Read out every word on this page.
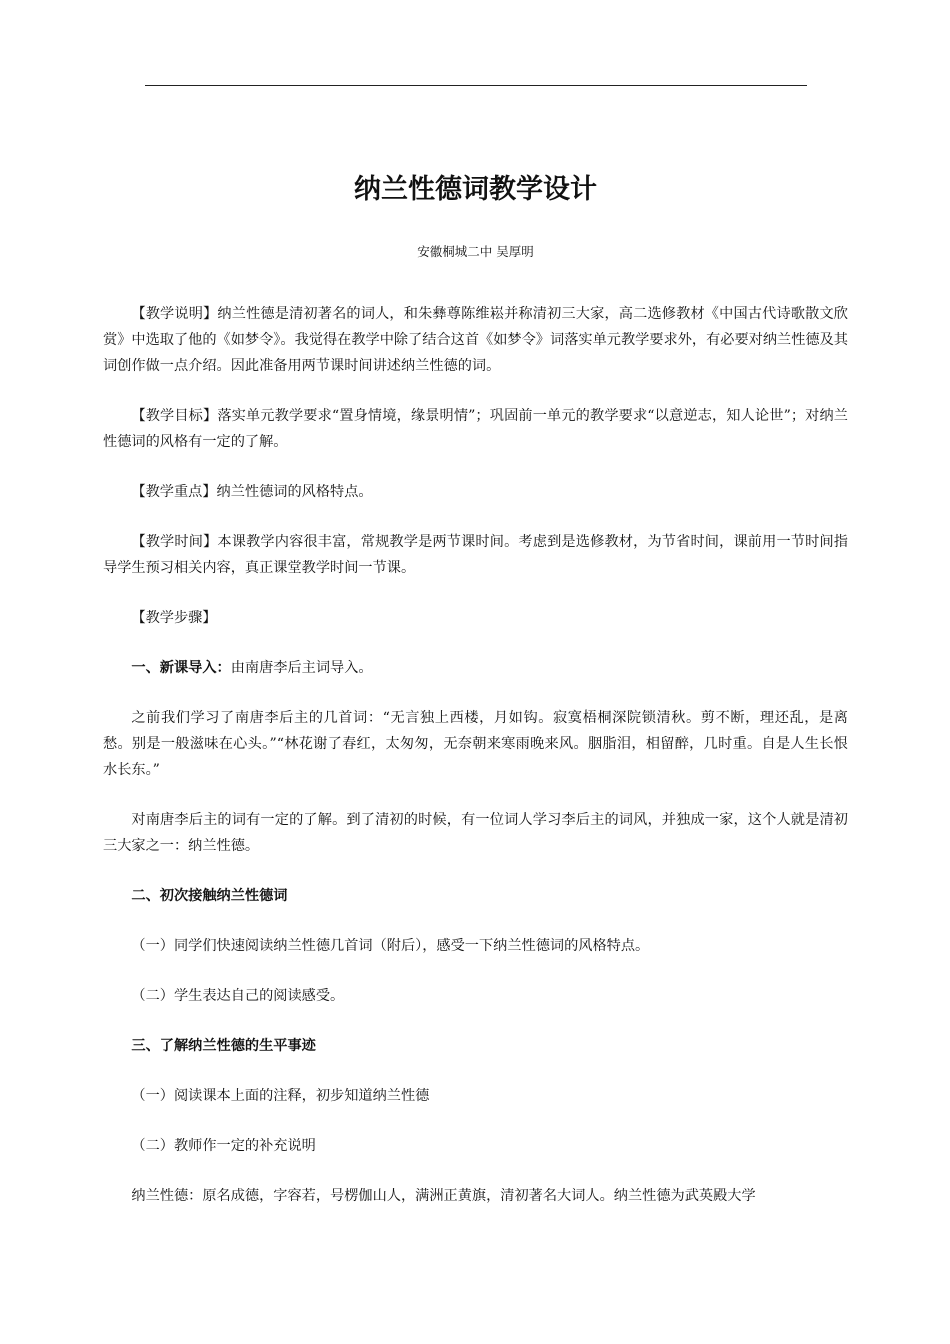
纳兰性德词教学设计

安徽桐城二中 吴厚明

【教学说明】纳兰性德是清初著名的词人，和朱彝尊陈维崧并称清初三大家，高二选修教材《中国古代诗歌散文欣赏》中选取了他的《如梦令》。我觉得在教学中除了结合这首《如梦令》词落实单元教学要求外，有必要对纳兰性德及其词创作做一点介绍。因此准备用两节课时间讲述纳兰性德的词。

【教学目标】落实单元教学要求“置身情境，缘景明情”；巩固前一单元的教学要求“以意逆志，知人论世”；对纳兰性德词的风格有一定的了解。

【教学重点】纳兰性德词的风格特点。

【教学时间】本课教学内容很丰富，常规教学是两节课时间。考虑到是选修教材，为节省时间，课前用一节时间指导学生预习相关内容，真正课堂教学时间一节课。

【教学步骤】

一、新课导入：由南唐李后主词导入。

之前我们学习了南唐李后主的几首词：“无言独上西楼，月如钩。寂寞梧桐深院锁清秋。剪不断，理还乱，是离愁。别是一般滋味在心头。”“林花谢了春红，太匆匆，无奈朝来寒雨晚来风。胭脂泪，相留醉，几时重。自是人生长恨水长东。”

对南唐李后主的词有一定的了解。到了清初的时候，有一位词人学习李后主的词风，并独成一家，这个人就是清初三大家之一：纳兰性德。

二、初次接触纳兰性德词

（一）同学们快速阅读纳兰性德几首词（附后），感受一下纳兰性德词的风格特点。

（二）学生表达自己的阅读感受。

三、了解纳兰性德的生平事迹

（一）阅读课本上面的注释，初步知道纳兰性德

（二）教师作一定的补充说明

纳兰性德：原名成德，字容若，号楞伽山人，满洲正黄旗，清初著名大词人。纳兰性德为武英殿大学
